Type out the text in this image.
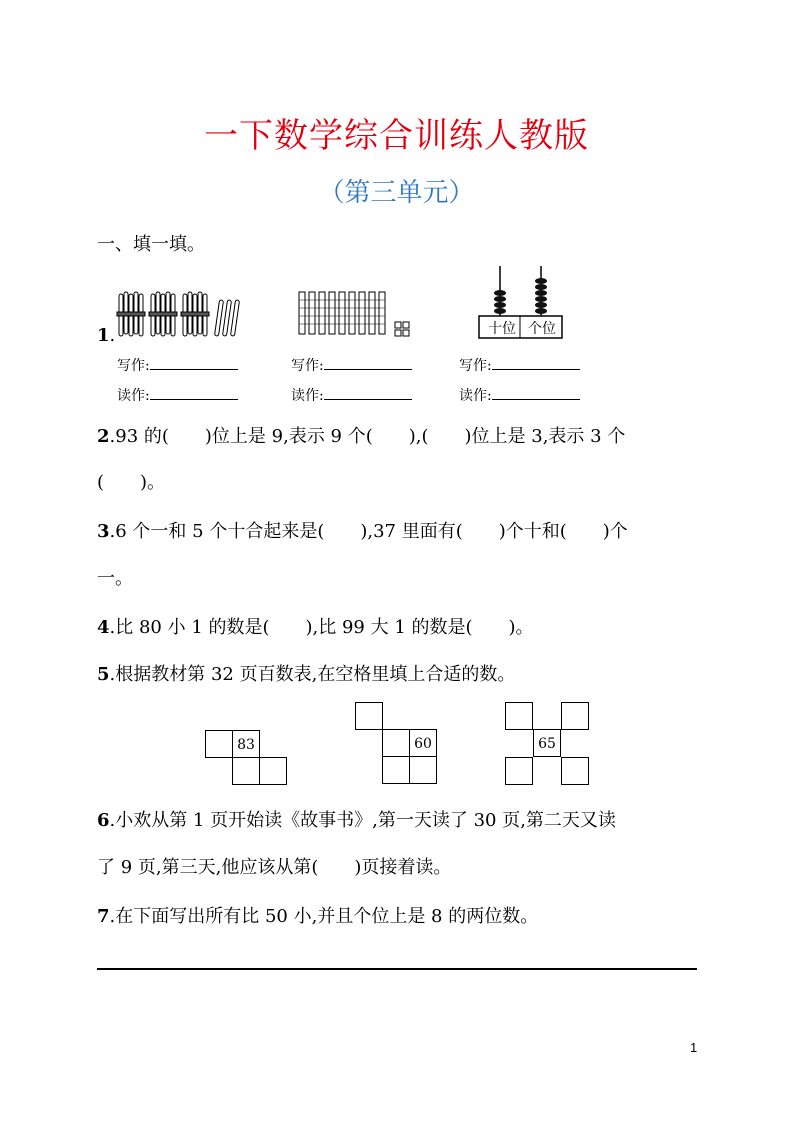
一下数学综合训练人教版
（第三单元）
一、填一填。
1.	十位 个位
写作:
读作:
写作:
读作:
写作:
读作:
2.93 的(　　)位上是 9,表示 9 个(　　),(　　)位上是 3,表示 3 个
(　　)。
3.6 个一和 5 个十合起来是(　　),37 里面有(　　)个十和(　　)个
一。
4.比 80 小 1 的数是(　　),比 99 大 1 的数是(　　)。
5.根据教材第 32 页百数表,在空格里填上合适的数。
83	60	65
6.小欢从第 1 页开始读《故事书》,第一天读了 30 页,第二天又读
了 9 页,第三天,他应该从第(　　)页接着读。
7.在下面写出所有比 50 小,并且个位上是 8 的两位数。
1
